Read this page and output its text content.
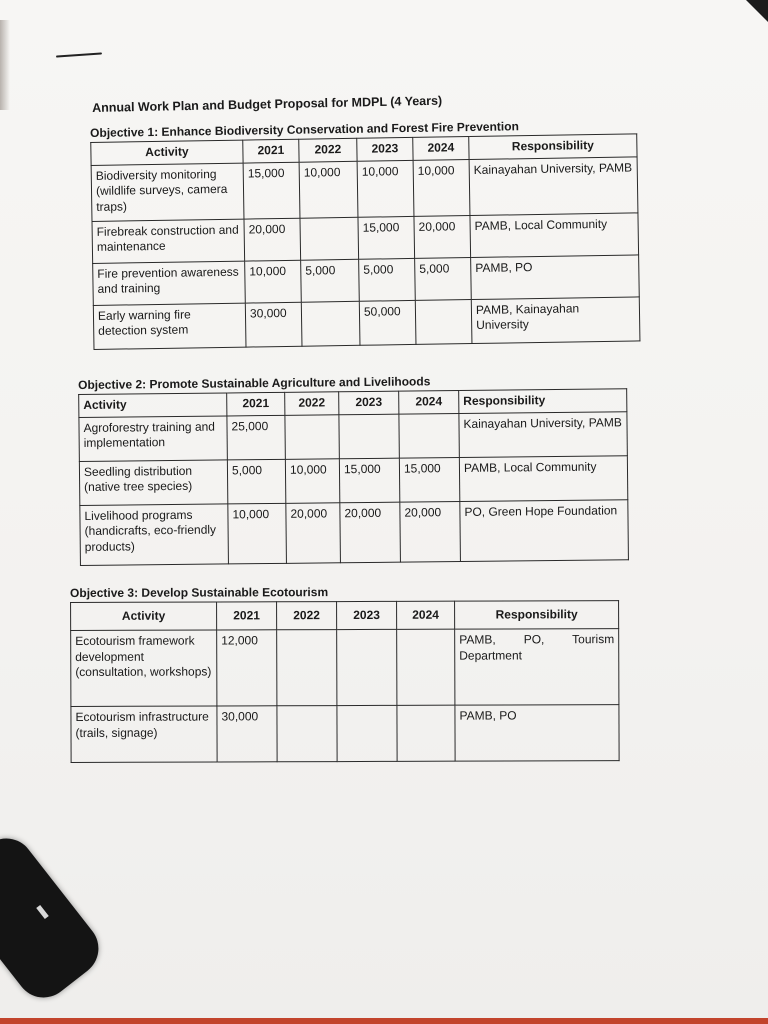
Annual Work Plan and Budget Proposal for MDPL (4 Years)
Objective 1: Enhance Biodiversity Conservation and Forest Fire Prevention
Activity	2021	2022	2023	2024	Responsibility
Biodiversity monitoring (wildlife surveys, camera traps)	15,000	10,000	10,000	10,000	Kainayahan University, PAMB
Firebreak construction and maintenance	20,000		15,000	20,000	PAMB, Local Community
Fire prevention awareness and training	10,000	5,000	5,000	5,000	PAMB, PO
Early warning fire detection system	30,000		50,000		PAMB, Kainayahan University
Objective 2: Promote Sustainable Agriculture and Livelihoods
Activity	2021	2022	2023	2024	Responsibility
Agroforestry training and implementation	25,000				Kainayahan University, PAMB
Seedling distribution (native tree species)	5,000	10,000	15,000	15,000	PAMB, Local Community
Livelihood programs (handicrafts, eco-friendly products)	10,000	20,000	20,000	20,000	PO, Green Hope Foundation
Objective 3: Develop Sustainable Ecotourism
Activity	2021	2022	2023	2024	Responsibility
Ecotourism framework development (consultation, workshops)	12,000				PAMB, PO, Tourism Department
Ecotourism infrastructure (trails, signage)	30,000				PAMB, PO
